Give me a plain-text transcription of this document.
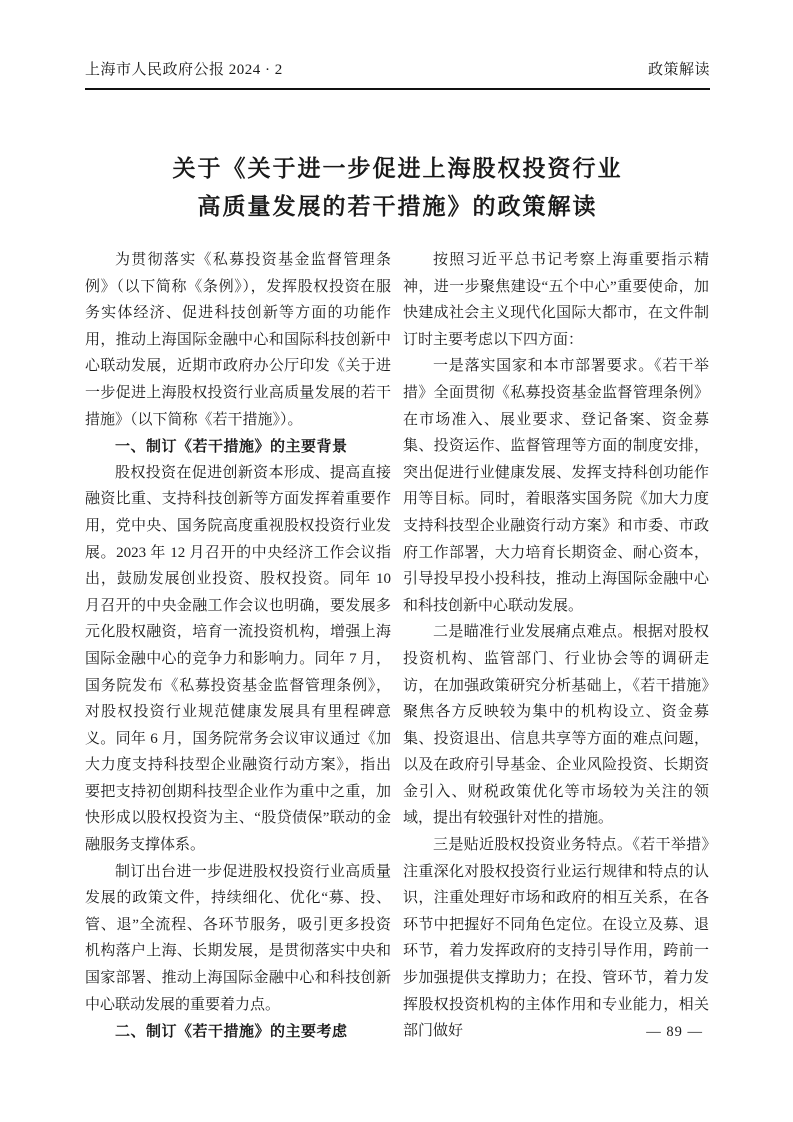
上海市人民政府公报 2024 · 2	政策解读
关于《关于进一步促进上海股权投资行业
高质量发展的若干措施》的政策解读

为贯彻落实《私募投资基金监督管理条例》（以下简称《条例》），发挥股权投资在服务实体经济、促进科技创新等方面的功能作用，推动上海国际金融中心和国际科技创新中心联动发展，近期市政府办公厅印发《关于进一步促进上海股权投资行业高质量发展的若干措施》（以下简称《若干措施》）。

一、制订《若干措施》的主要背景

股权投资在促进创新资本形成、提高直接融资比重、支持科技创新等方面发挥着重要作用，党中央、国务院高度重视股权投资行业发展。2023 年 12 月召开的中央经济工作会议指出，鼓励发展创业投资、股权投资。同年 10 月召开的中央金融工作会议也明确，要发展多元化股权融资，培育一流投资机构，增强上海国际金融中心的竞争力和影响力。同年 7 月，国务院发布《私募投资基金监督管理条例》，对股权投资行业规范健康发展具有里程碑意义。同年 6 月，国务院常务会议审议通过《加大力度支持科技型企业融资行动方案》，指出要把支持初创期科技型企业作为重中之重，加快形成以股权投资为主、“股贷债保”联动的金融服务支撑体系。

制订出台进一步促进股权投资行业高质量发展的政策文件，持续细化、优化“募、投、管、退”全流程、各环节服务，吸引更多投资机构落户上海、长期发展，是贯彻落实中央和国家部署、推动上海国际金融中心和科技创新中心联动发展的重要着力点。

二、制订《若干措施》的主要考虑

按照习近平总书记考察上海重要指示精神，进一步聚焦建设“五个中心”重要使命，加快建成社会主义现代化国际大都市，在文件制订时主要考虑以下四方面：

一是落实国家和本市部署要求。《若干举措》全面贯彻《私募投资基金监督管理条例》在市场准入、展业要求、登记备案、资金募集、投资运作、监督管理等方面的制度安排，突出促进行业健康发展、发挥支持科创功能作用等目标。同时，着眼落实国务院《加大力度支持科技型企业融资行动方案》和市委、市政府工作部署，大力培育长期资金、耐心资本，引导投早投小投科技，推动上海国际金融中心和科技创新中心联动发展。

二是瞄准行业发展痛点难点。根据对股权投资机构、监管部门、行业协会等的调研走访，在加强政策研究分析基础上，《若干措施》聚焦各方反映较为集中的机构设立、资金募集、投资退出、信息共享等方面的难点问题，以及在政府引导基金、企业风险投资、长期资金引入、财税政策优化等市场较为关注的领域，提出有较强针对性的措施。

三是贴近股权投资业务特点。《若干举措》注重深化对股权投资行业运行规律和特点的认识，注重处理好市场和政府的相互关系，在各环节中把握好不同角色定位。在设立及募、退环节，着力发挥政府的支持引导作用，跨前一步加强提供支撑助力；在投、管环节，着力发挥股权投资机构的主体作用和专业能力，相关部门做好	— 89 —
